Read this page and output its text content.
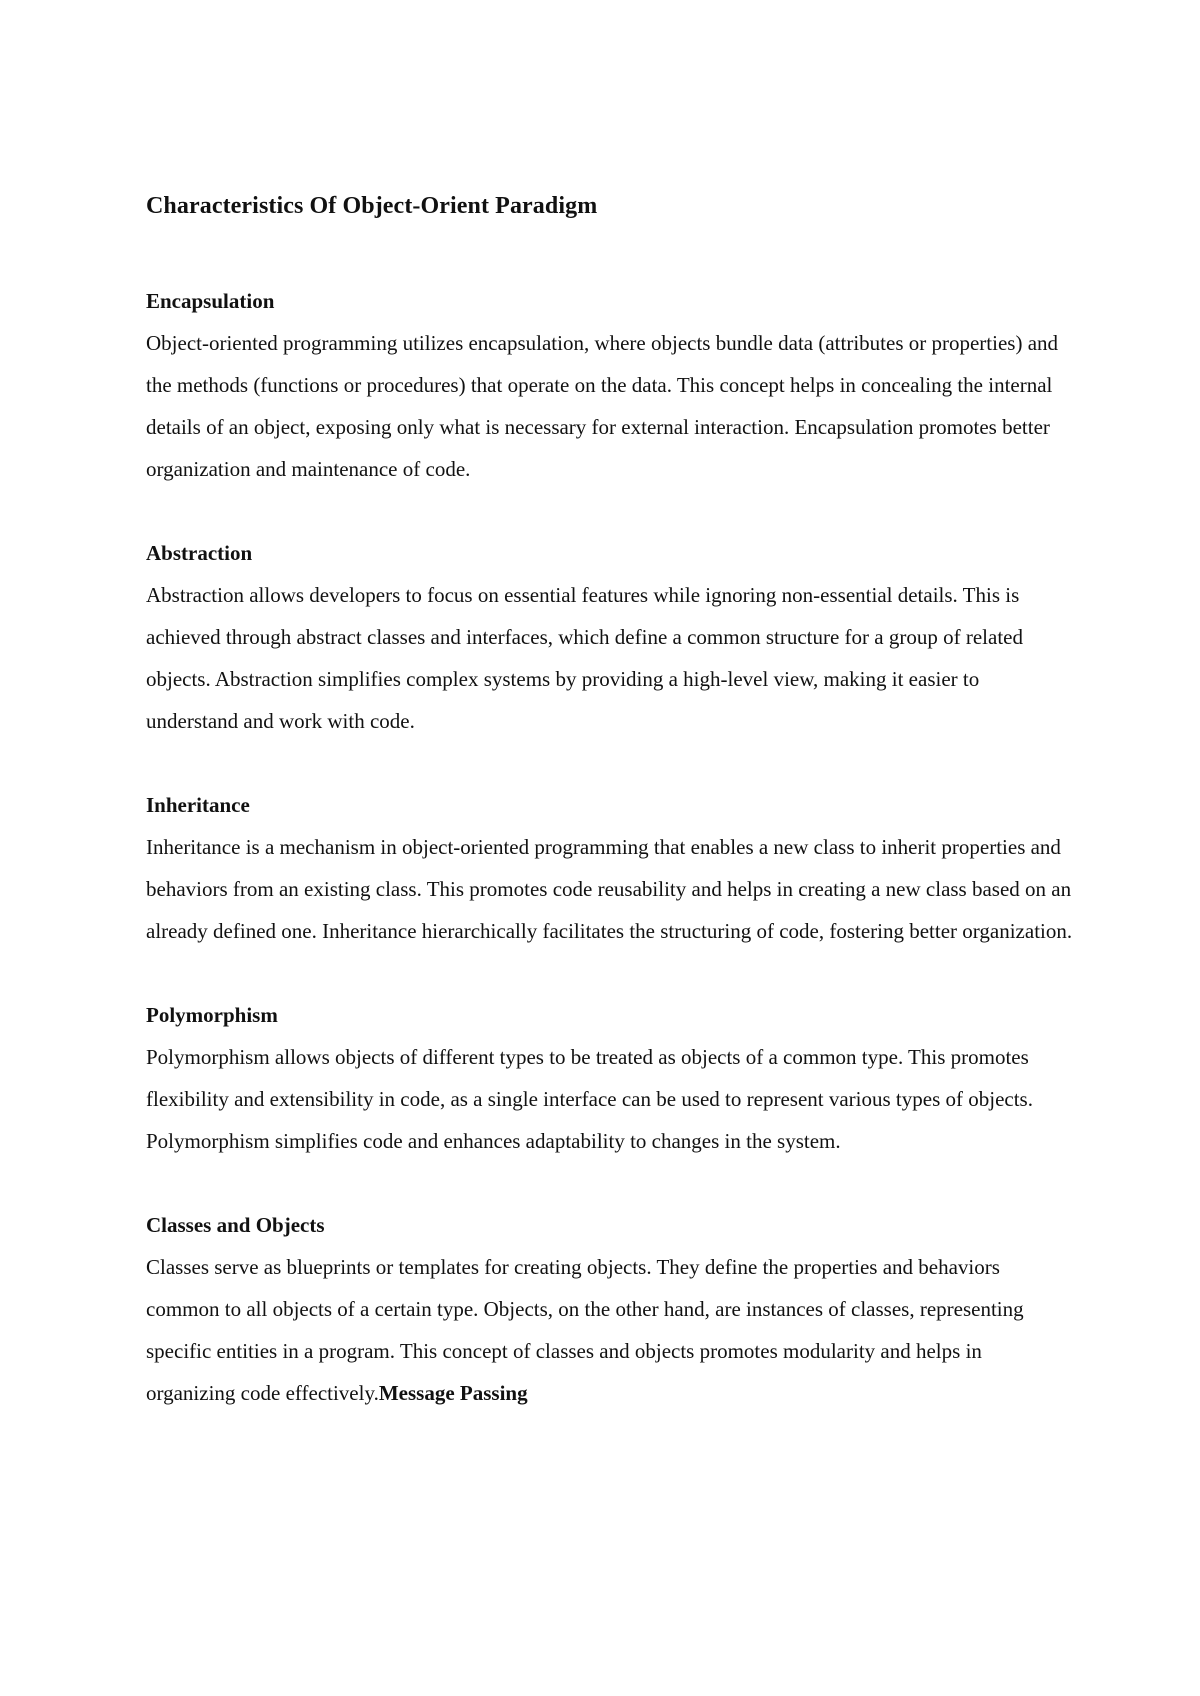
Characteristics Of Object-Orient Paradigm

Encapsulation

Object-oriented programming utilizes encapsulation, where objects bundle data (attributes or properties) and the methods (functions or procedures) that operate on the data. This concept helps in concealing the internal details of an object, exposing only what is necessary for external interaction. Encapsulation promotes better organization and maintenance of code.

Abstraction

Abstraction allows developers to focus on essential features while ignoring non-essential details. This is achieved through abstract classes and interfaces, which define a common structure for a group of related objects. Abstraction simplifies complex systems by providing a high-level view, making it easier to understand and work with code.

Inheritance

Inheritance is a mechanism in object-oriented programming that enables a new class to inherit properties and behaviors from an existing class. This promotes code reusability and helps in creating a new class based on an already defined one. Inheritance hierarchically facilitates the structuring of code, fostering better organization.

Polymorphism

Polymorphism allows objects of different types to be treated as objects of a common type. This promotes flexibility and extensibility in code, as a single interface can be used to represent various types of objects. Polymorphism simplifies code and enhances adaptability to changes in the system.

Classes and Objects

Classes serve as blueprints or templates for creating objects. They define the properties and behaviors common to all objects of a certain type. Objects, on the other hand, are instances of classes, representing specific entities in a program. This concept of classes and objects promotes modularity and helps in organizing code effectively.Message Passing
